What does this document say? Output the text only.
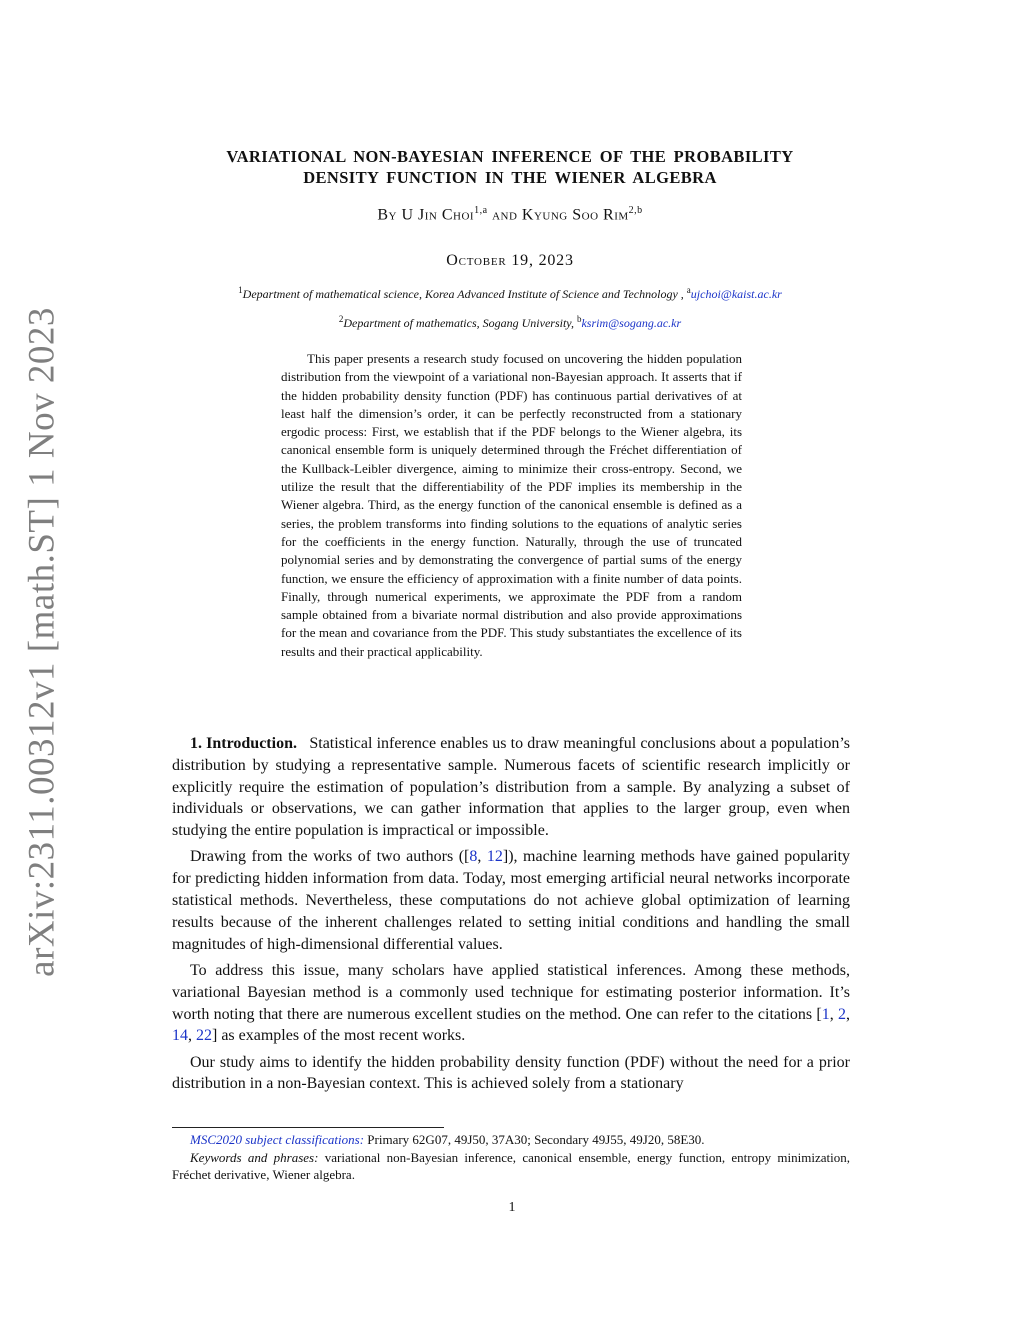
arXiv:2311.00312v1 [math.ST] 1 Nov 2023
VARIATIONAL NON-BAYESIAN INFERENCE OF THE PROBABILITY
DENSITY FUNCTION IN THE WIENER ALGEBRA
By U Jin Choi$^{1,a}$ and Kyung Soo Rim$^{2,b}$
October 19, 2023
$^1$Department of mathematical science, Korea Advanced Institute of Science and Technology , $^a$ujchoi@kaist.ac.kr
$^2$Department of mathematics, Sogang University, $^b$ksrim@sogang.ac.kr

This paper presents a research study focused on uncovering the hidden population distribution from the viewpoint of a variational non-Bayesian approach. It asserts that if the hidden probability density function (PDF) has continuous partial derivatives of at least half the dimension’s order, it can be perfectly reconstructed from a stationary ergodic process: First, we establish that if the PDF belongs to the Wiener algebra, its canonical ensemble form is uniquely determined through the Fréchet differentiation of the Kullback-Leibler divergence, aiming to minimize their cross-entropy. Second, we utilize the result that the differentiability of the PDF implies its membership in the Wiener algebra. Third, as the energy function of the canonical ensemble is defined as a series, the problem transforms into finding solutions to the equations of analytic series for the coefficients in the energy function. Naturally, through the use of truncated polynomial series and by demonstrating the convergence of partial sums of the energy function, we ensure the efficiency of approximation with a finite number of data points. Finally, through numerical experiments, we approximate the PDF from a random sample obtained from a bivariate normal distribution and also provide approximations for the mean and covariance from the PDF. This study substantiates the excellence of its results and their practical applicability.

1. Introduction. Statistical inference enables us to draw meaningful conclusions about a population’s distribution by studying a representative sample. Numerous facets of scientific research implicitly or explicitly require the estimation of population’s distribution from a sample. By analyzing a subset of individuals or observations, we can gather information that applies to the larger group, even when studying the entire population is impractical or impossible.

Drawing from the works of two authors ([8, 12]), machine learning methods have gained popularity for predicting hidden information from data. Today, most emerging artificial neural networks incorporate statistical methods. Nevertheless, these computations do not achieve global optimization of learning results because of the inherent challenges related to setting initial conditions and handling the small magnitudes of high-dimensional differential values.

To address this issue, many scholars have applied statistical inferences. Among these methods, variational Bayesian method is a commonly used technique for estimating posterior information. It’s worth noting that there are numerous excellent studies on the method. One can refer to the citations [1, 2, 14, 22] as examples of the most recent works.

Our study aims to identify the hidden probability density function (PDF) without the need for a prior distribution in a non-Bayesian context. This is achieved solely from a stationary

MSC2020 subject classifications: Primary 62G07, 49J50, 37A30; Secondary 49J55, 49J20, 58E30.

Keywords and phrases: variational non-Bayesian inference, canonical ensemble, energy function, entropy minimization, Fréchet derivative, Wiener algebra.

1
